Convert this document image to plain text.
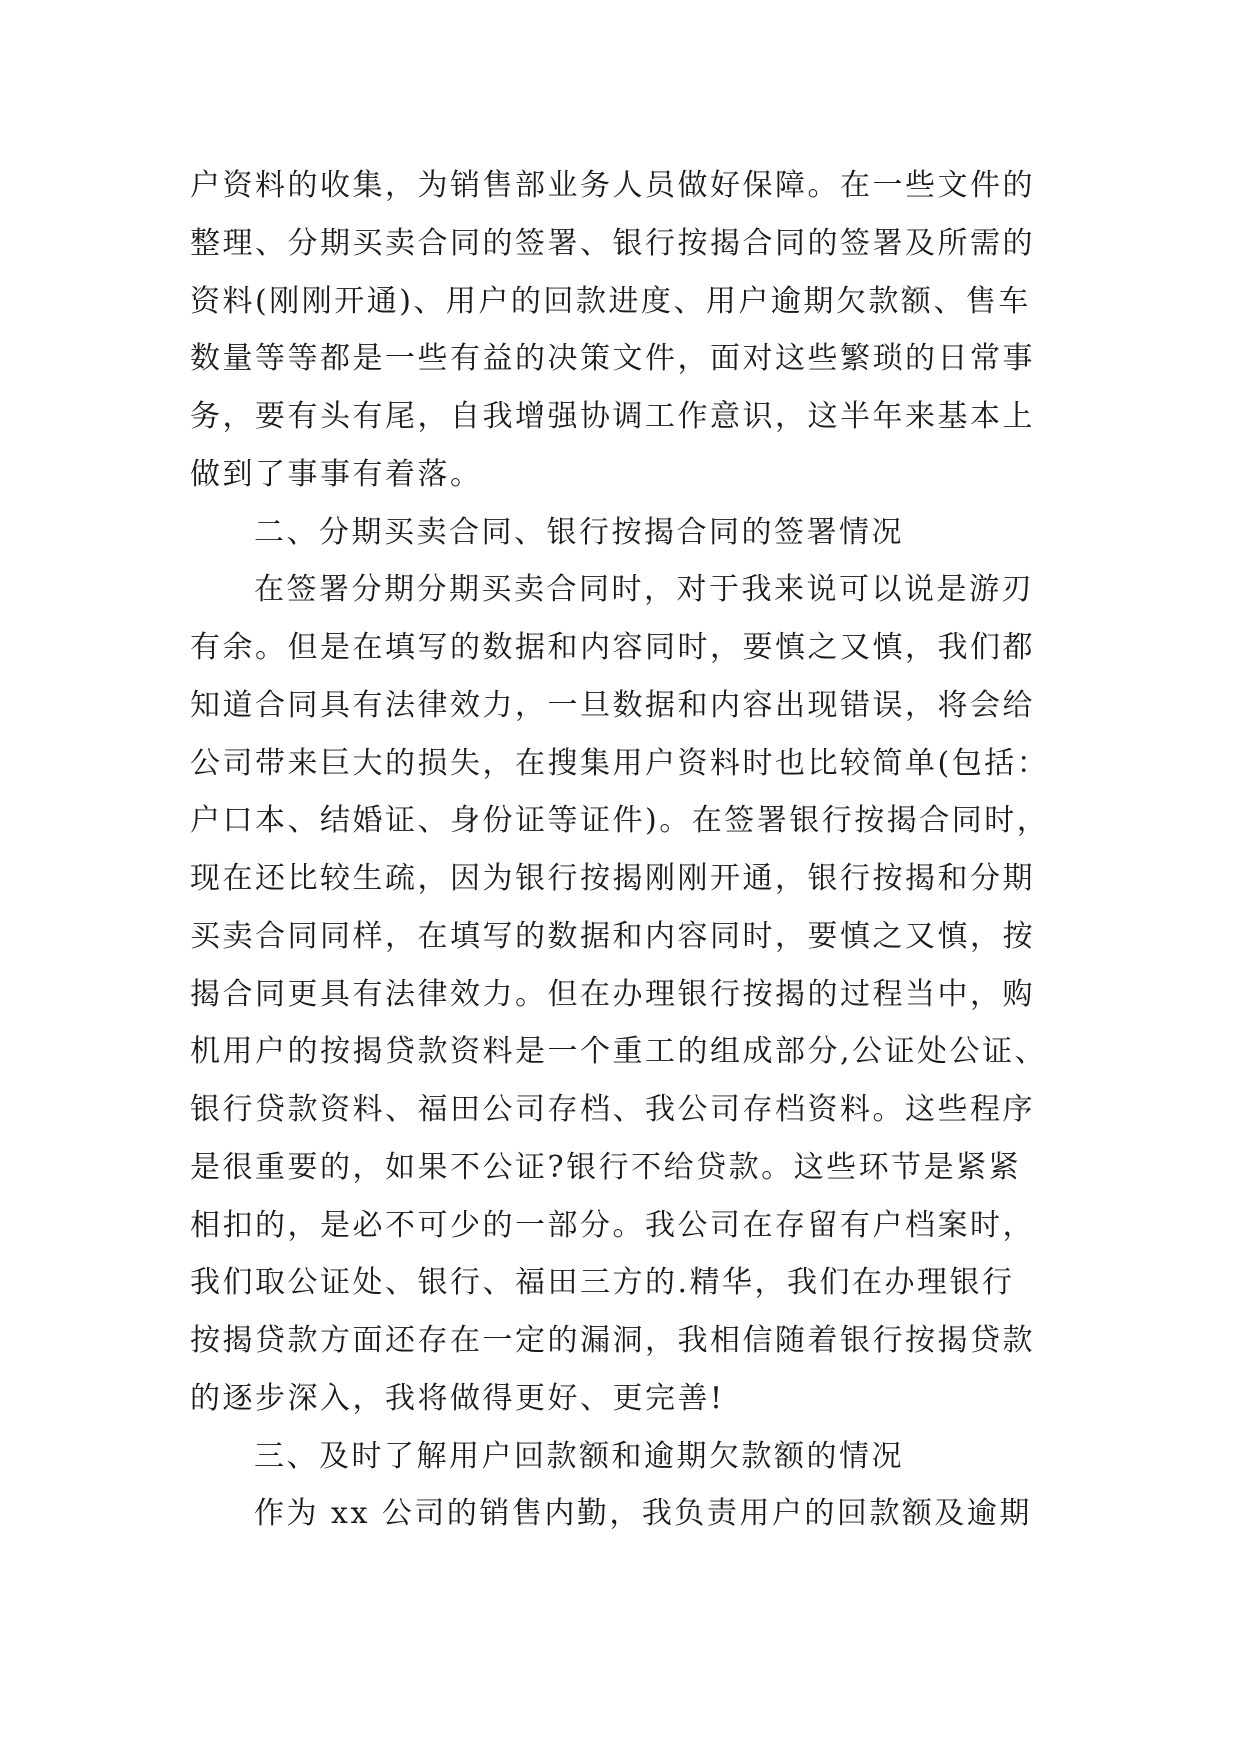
户资料的收集，为销售部业务人员做好保障。在一些文件的
整理、分期买卖合同的签署、银行按揭合同的签署及所需的
资料(刚刚开通)、用户的回款进度、用户逾期欠款额、售车
数量等等都是一些有益的决策文件，面对这些繁琐的日常事
务，要有头有尾，自我增强协调工作意识，这半年来基本上
做到了事事有着落。
二、分期买卖合同、银行按揭合同的签署情况
在签署分期分期买卖合同时，对于我来说可以说是游刃
有余。但是在填写的数据和内容同时，要慎之又慎，我们都
知道合同具有法律效力，一旦数据和内容出现错误，将会给
公司带来巨大的损失，在搜集用户资料时也比较简单(包括：
户口本、结婚证、身份证等证件)。在签署银行按揭合同时，
现在还比较生疏，因为银行按揭刚刚开通，银行按揭和分期
买卖合同同样，在填写的数据和内容同时，要慎之又慎，按
揭合同更具有法律效力。但在办理银行按揭的过程当中，购
机用户的按揭贷款资料是一个重工的组成部分,公证处公证、
银行贷款资料、福田公司存档、我公司存档资料。这些程序
是很重要的，如果不公证?银行不给贷款。这些环节是紧紧
相扣的，是必不可少的一部分。我公司在存留有户档案时，
我们取公证处、银行、福田三方的.精华，我们在办理银行
按揭贷款方面还存在一定的漏洞，我相信随着银行按揭贷款
的逐步深入，我将做得更好、更完善!
三、及时了解用户回款额和逾期欠款额的情况
作为 xx 公司的销售内勤，我负责用户的回款额及逾期
